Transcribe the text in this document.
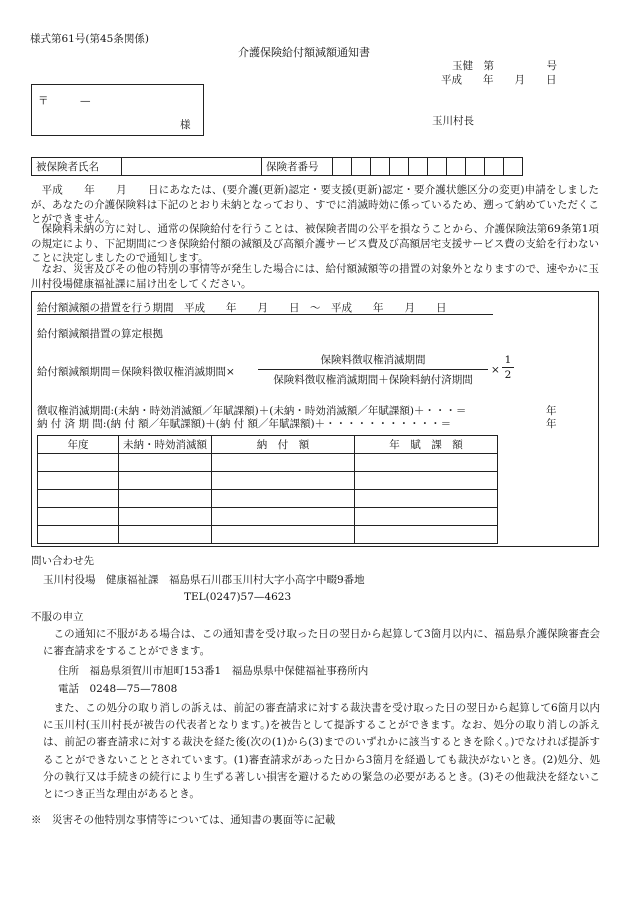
様式第61号(第45条関係)
介護保険給付額減額通知書
玉健　第　　　　　号
平成　　年　　月　　日
〒　　　—
様	玉川村長
被保険者氏名		保険者番号										
　平成　　年　　月　　日にあなたは、(要介護(更新)認定・要支援(更新)認定・要介護状態区分の変更)申請をしましたが、あなたの介護保険料は下記のとおり未納となっており、すでに消滅時効に係っているため、遡って納めていただくことができません。
　保険料未納の方に対し、通常の保険給付を行うことは、被保険者間の公平を損なうことから、介護保険法第69条第1項の規定により、下記期間につき保険給付額の減額及び高額介護サービス費及び高額居宅支援サービス費の支給を行わないことに決定しましたので通知します。
　なお、災害及びその他の特別の事情等が発生した場合には、給付額減額等の措置の対象外となりますので、速やかに玉川村役場健康福祉課に届け出をしてください。
給付額減額の措置を行う期間　平成　　年　　月　　日　〜　平成　　年　　月　　日
給付額減額措置の算定根拠
給付額減額期間＝保険料徴収権消滅期間×
保険料徴収権消滅期間
保険料徴収権消滅期間＋保険料納付済期間
× $\frac{1}{2}$
徴収権消滅期間:(未納・時効消滅額／年賦課額)＋(未納・時効消滅額／年賦課額)＋・・・＝	年
納 付 済 期 間:(納 付 額／年賦課額)＋(納 付 額／年賦課額)＋・・・・・・・・・・・＝	年
年度	未納・時効消滅額	納　付　額	年　賦　課　額

問い合わせ先
玉川村役場　健康福祉課　福島県石川郡玉川村大字小高字中畷9番地
TEL(0247)57—4623
不服の申立
　この通知に不服がある場合は、この通知書を受け取った日の翌日から起算して3箇月以内に、福島県介護保険審査会に審査請求をすることができます。
住所　福島県須賀川市旭町153番1　福島県県中保健福祉事務所内
電話　0248—75—7808
　また、この処分の取り消しの訴えは、前記の審査請求に対する裁決書を受け取った日の翌日から起算して6箇月以内に玉川村(玉川村長が被告の代表者となります。)を被告として提訴することができます。なお、処分の取り消しの訴えは、前記の審査請求に対する裁決を経た後(次の(1)から(3)までのいずれかに該当するときを除く。)でなければ提訴することができないこととされています。(1)審査請求があった日から3箇月を経過しても裁決がないとき。(2)処分、処分の執行又は手続きの続行により生ずる著しい損害を避けるための緊急の必要があるとき。(3)その他裁決を経ないことにつき正当な理由があるとき。
※　災害その他特別な事情等については、通知書の裏面等に記載
